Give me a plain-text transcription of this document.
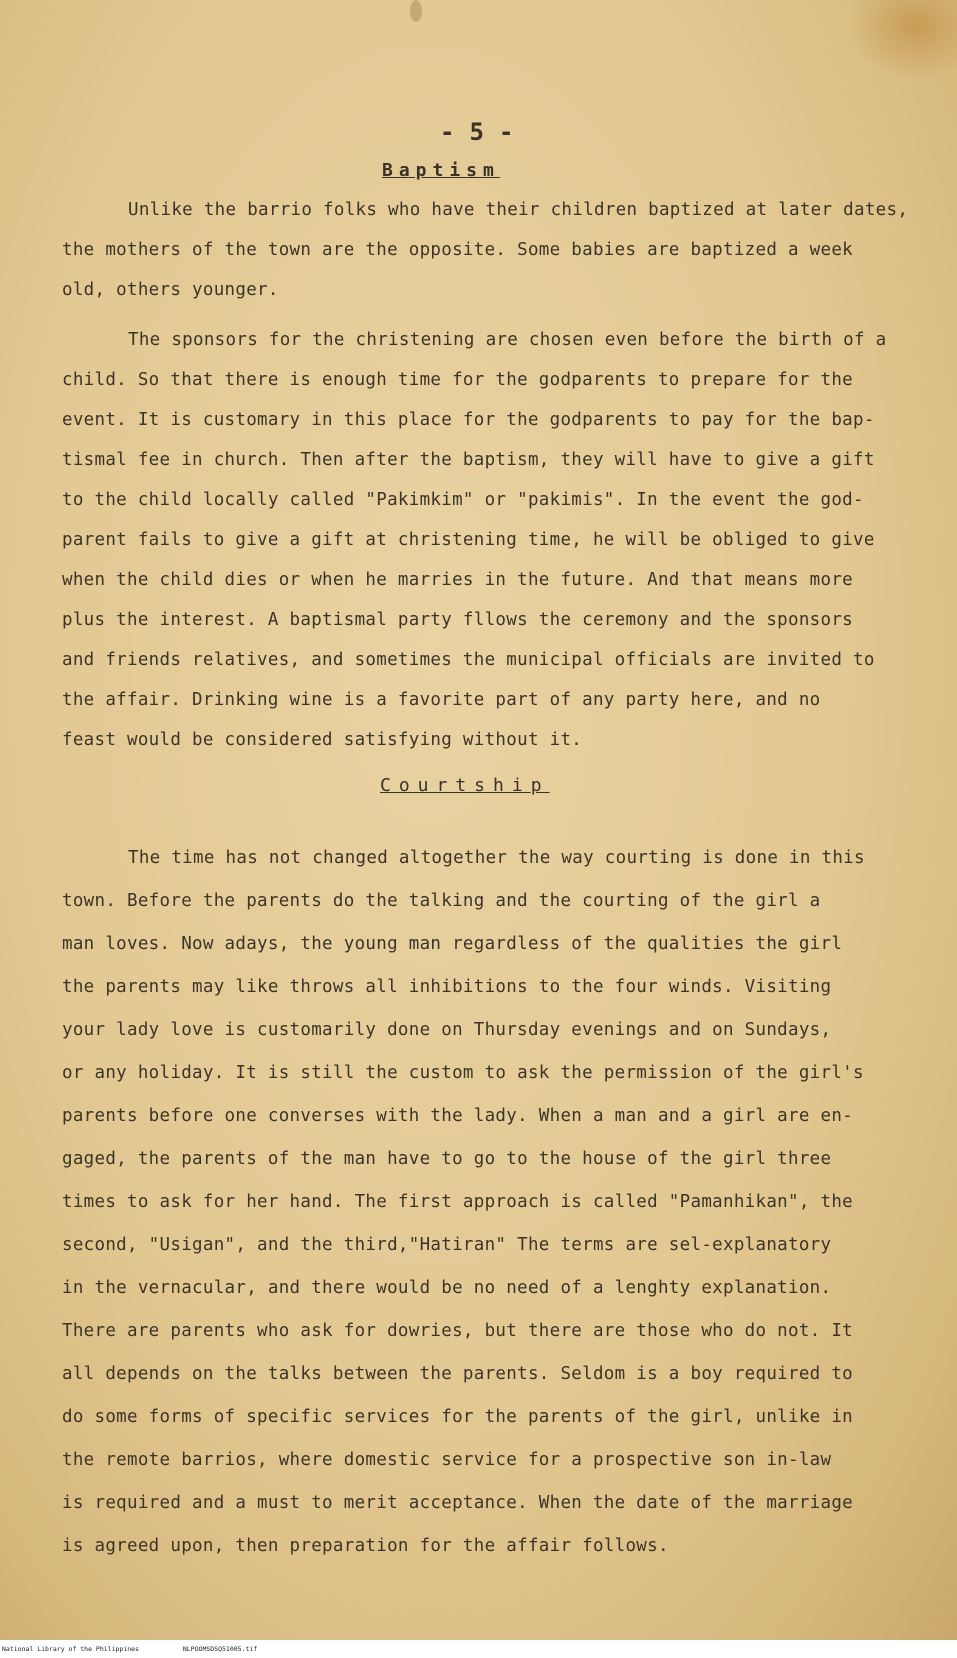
- 5 -
Baptism
Unlike the barrio folks who have their children baptized at later dates,
the mothers of the town are the opposite. Some babies are baptized a week
old, others younger.
The sponsors for the christening are chosen even before the birth of a
child. So that there is enough time for the godparents to prepare for the
event. It is customary in this place for the godparents to pay for the bap-
tismal fee in church. Then after the baptism, they will have to give a gift
to the child locally called "Pakimkim" or "pakimis". In the event the god-
parent fails to give a gift at christening time, he will be obliged to give
when the child dies or when he marries in the future. And that means more
plus the interest. A baptismal party fllows the ceremony and the sponsors
and friends relatives, and sometimes the municipal officials are invited to
the affair. Drinking wine is a favorite part of any party here, and no
feast would be considered satisfying without it.
Courtship
The time has not changed altogether the way courting is done in this
town. Before the parents do the talking and the courting of the girl a
man loves. Now adays, the young man regardless of the qualities the girl
the parents may like throws all inhibitions to the four winds. Visiting
your lady love is customarily done on Thursday evenings and on Sundays,
or any holiday. It is still the custom to ask the permission of the girl's
parents before one converses with the lady. When a man and a girl are en-
gaged, the parents of the man have to go to the house of the girl three
times to ask for her hand. The first approach is called "Pamanhikan", the
second, "Usigan", and the third,"Hatiran" The terms are sel-explanatory
in the vernacular, and there would be no need of a lenghty explanation.
There are parents who ask for dowries, but there are those who do not. It
all depends on the talks between the parents. Seldom is a boy required to
do some forms of specific services for the parents of the girl, unlike in
the remote barrios, where domestic service for a prospective son in-law
is required and a must to merit acceptance. When the date of the marriage
is agreed upon, then preparation for the affair follows.
National Library of the Philippines	NLPOOMSDSQ51005.tif
